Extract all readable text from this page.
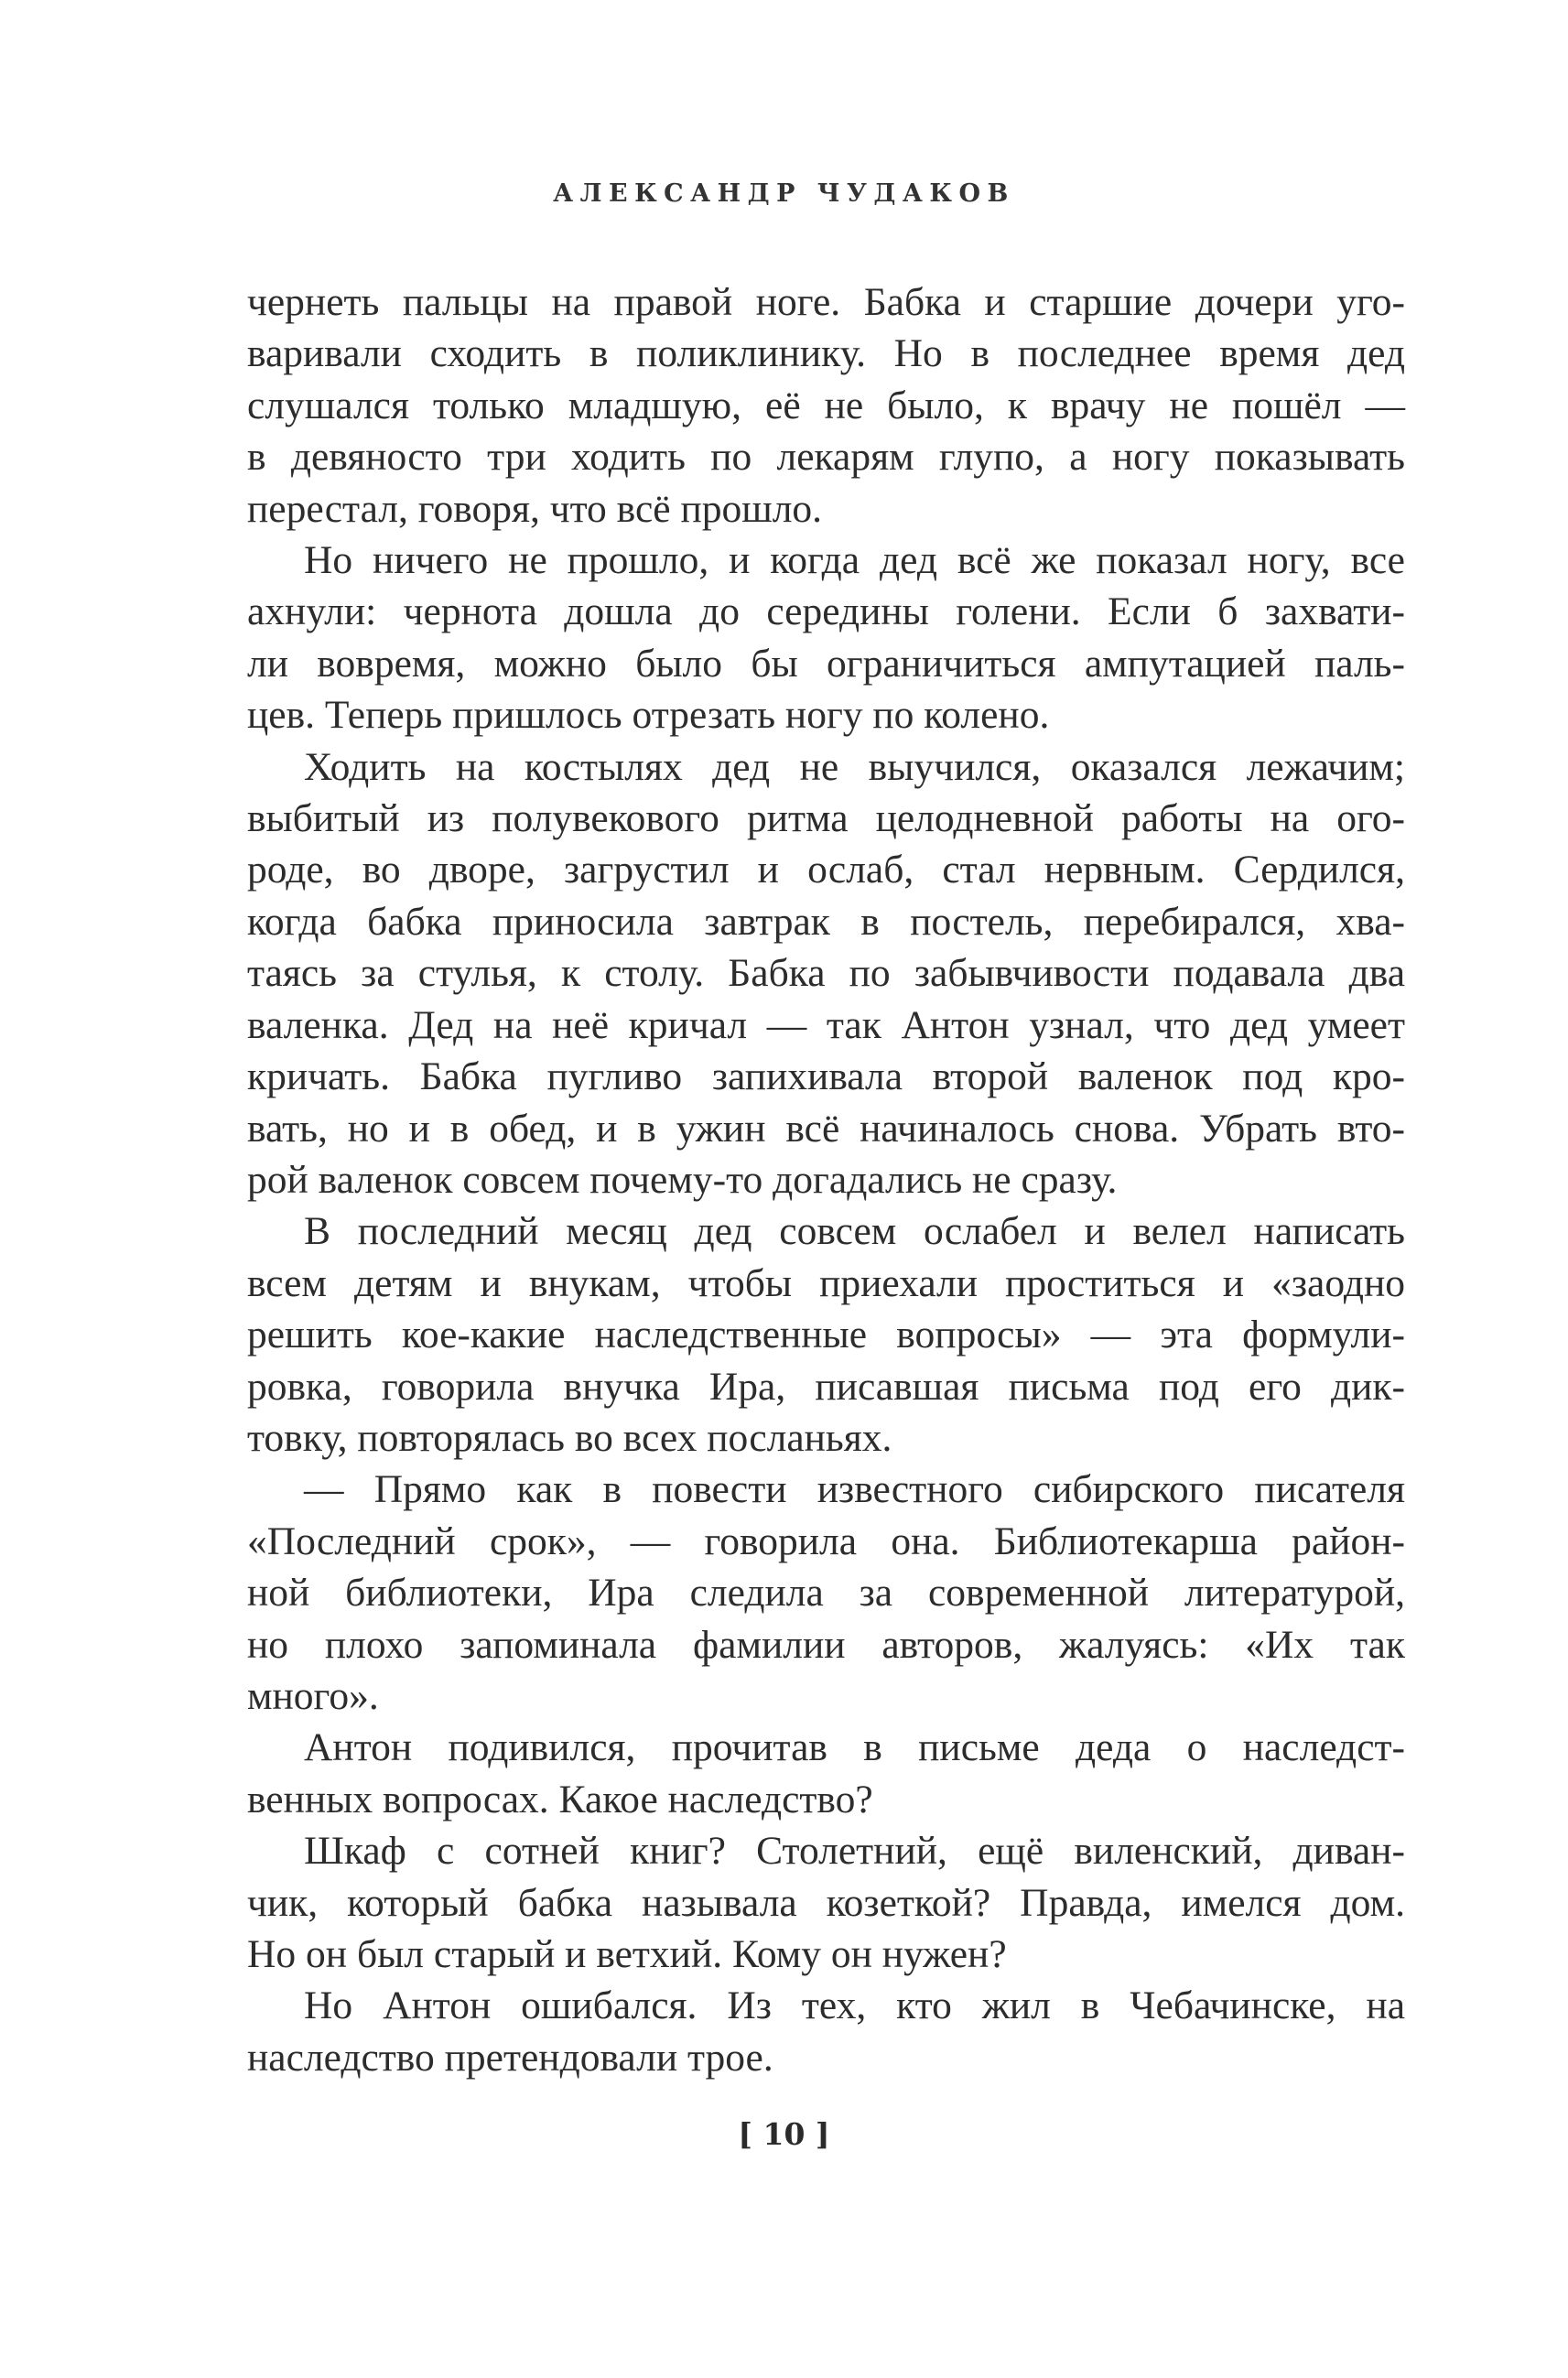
АЛЕКСАНДР ЧУДАКОВ
чернеть пальцы на правой ноге. Бабка и старшие дочери уго-
варивали сходить в поликлинику. Но в последнее время дед
слушался только младшую, её не было, к врачу не пошёл —
в девяносто три ходить по лекарям глупо, а ногу показывать
перестал, говоря, что всё прошло.
Но ничего не прошло, и когда дед всё же показал ногу, все
ахнули: чернота дошла до середины голени. Если б захвати-
ли вовремя, можно было бы ограничиться ампутацией паль-
цев. Теперь пришлось отрезать ногу по колено.
Ходить на костылях дед не выучился, оказался лежачим;
выбитый из полувекового ритма целодневной работы на ого-
роде, во дворе, загрустил и ослаб, стал нервным. Сердился,
когда бабка приносила завтрак в постель, перебирался, хва-
таясь за стулья, к столу. Бабка по забывчивости подавала два
валенка. Дед на неё кричал — так Антон узнал, что дед умеет
кричать. Бабка пугливо запихивала второй валенок под кро-
вать, но и в обед, и в ужин всё начиналось снова. Убрать вто-
рой валенок совсем почему-то догадались не сразу.
В последний месяц дед совсем ослабел и велел написать
всем детям и внукам, чтобы приехали проститься и «заодно
решить кое-какие наследственные вопросы» — эта формули-
ровка, говорила внучка Ира, писавшая письма под его дик-
товку, повторялась во всех посланьях.
— Прямо как в повести известного сибирского писателя
«Последний срок», — говорила она. Библиотекарша район-
ной библиотеки, Ира следила за современной литературой,
но плохо запоминала фамилии авторов, жалуясь: «Их так
много».
Антон подивился, прочитав в письме деда о наследст-
венных вопросах. Какое наследство?
Шкаф с сотней книг? Столетний, ещё виленский, диван-
чик, который бабка называла козеткой? Правда, имелся дом.
Но он был старый и ветхий. Кому он нужен?
Но Антон ошибался. Из тех, кто жил в Чебачинске, на
наследство претендовали трое.
[ 10 ]
